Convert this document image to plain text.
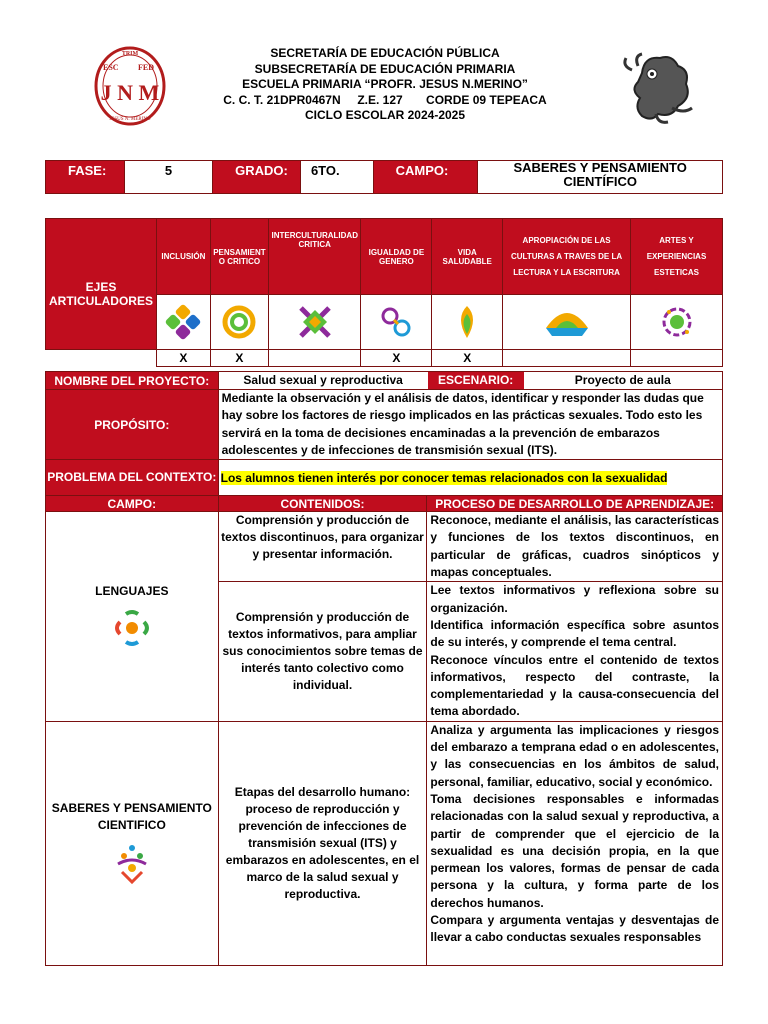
TRIM
ESC FED
J N M
JESUS N. MERINO
SECRETARÍA DE EDUCACIÓN PÚBLICA
SUBSECRETARÍA DE EDUCACIÓN PRIMARIA
ESCUELA PRIMARIA “PROFR. JESUS N.MERINO”
C. C. T. 21DPR0467N Z.E. 127 CORDE 09 TEPEACA
CICLO ESCOLAR 2024-2025
FASE:	5	GRADO:	6TO.	CAMPO:	SABERES Y PENSAMIENTO CIENTÍFICO
EJES ARTICULADORES	INCLUSIÓN	PENSAMIENT O CRITICO	INTERCULTURALIDAD CRITICA	IGUALDAD DE GENERO	VIDA SALUDABLE	APROPIACIÓN DE LAS CULTURAS A TRAVES DE LA LECTURA Y LA ESCRITURA	ARTES Y EXPERIENCIAS ESTETICAS

	X	X		X	X		
NOMBRE DEL PROYECTO:	Salud sexual y reproductiva ESCENARIO: Proyecto de aula	

PROPÓSITO:	Mediante la observación y el análisis de datos, identificar y responder las dudas que hay sobre los factores de riesgo implicados en las prácticas sexuales. Todo esto les servirá en la toma de decisiones encaminadas a la prevención de embarazos adolescentes y de infecciones de transmisión sexual (ITS).	
PROBLEMA DEL CONTEXTO:	Los alumnos tienen interés por conocer temas relacionados con la sexualidad	
CAMPO:	CONTENIDOS:	PROCESO DE DESARROLLO DE APRENDIZAJE:

LENGUAJES	Comprensión y producción de textos discontinuos, para organizar y presentar información.	Reconoce, mediante el análisis, las características y funciones de los textos discontinuos, en particular de gráficas, cuadros sinópticos y mapas conceptuales.
	Comprensión y producción de textos informativos, para ampliar sus conocimientos sobre temas de interés tanto colectivo como individual.	Lee textos informativos y reflexiona sobre su organización.
Identifica información específica sobre asuntos de su interés, y comprende el tema central.
Reconoce vínculos entre el contenido de textos informativos, respecto del contraste, la complementariedad y la causa-consecuencia del tema abordado.

SABERES Y PENSAMIENTO CIENTIFICO	Etapas del desarrollo humano: proceso de reproducción y prevención de infecciones de transmisión sexual (ITS) y embarazos en adolescentes, en el marco de la salud sexual y reproductiva.	Analiza y argumenta las implicaciones y riesgos del embarazo a temprana edad o en adolescentes, y las consecuencias en los ámbitos de salud, personal, familiar, educativo, social y económico.
Toma decisiones responsables e informadas relacionadas con la salud sexual y reproductiva, a partir de comprender que el ejercicio de la sexualidad es una decisión propia, en la que permean los valores, formas de pensar de cada persona y la cultura, y forma parte de los derechos humanos.
Compara y argumenta ventajas y desventajas de llevar a cabo conductas sexuales responsables
